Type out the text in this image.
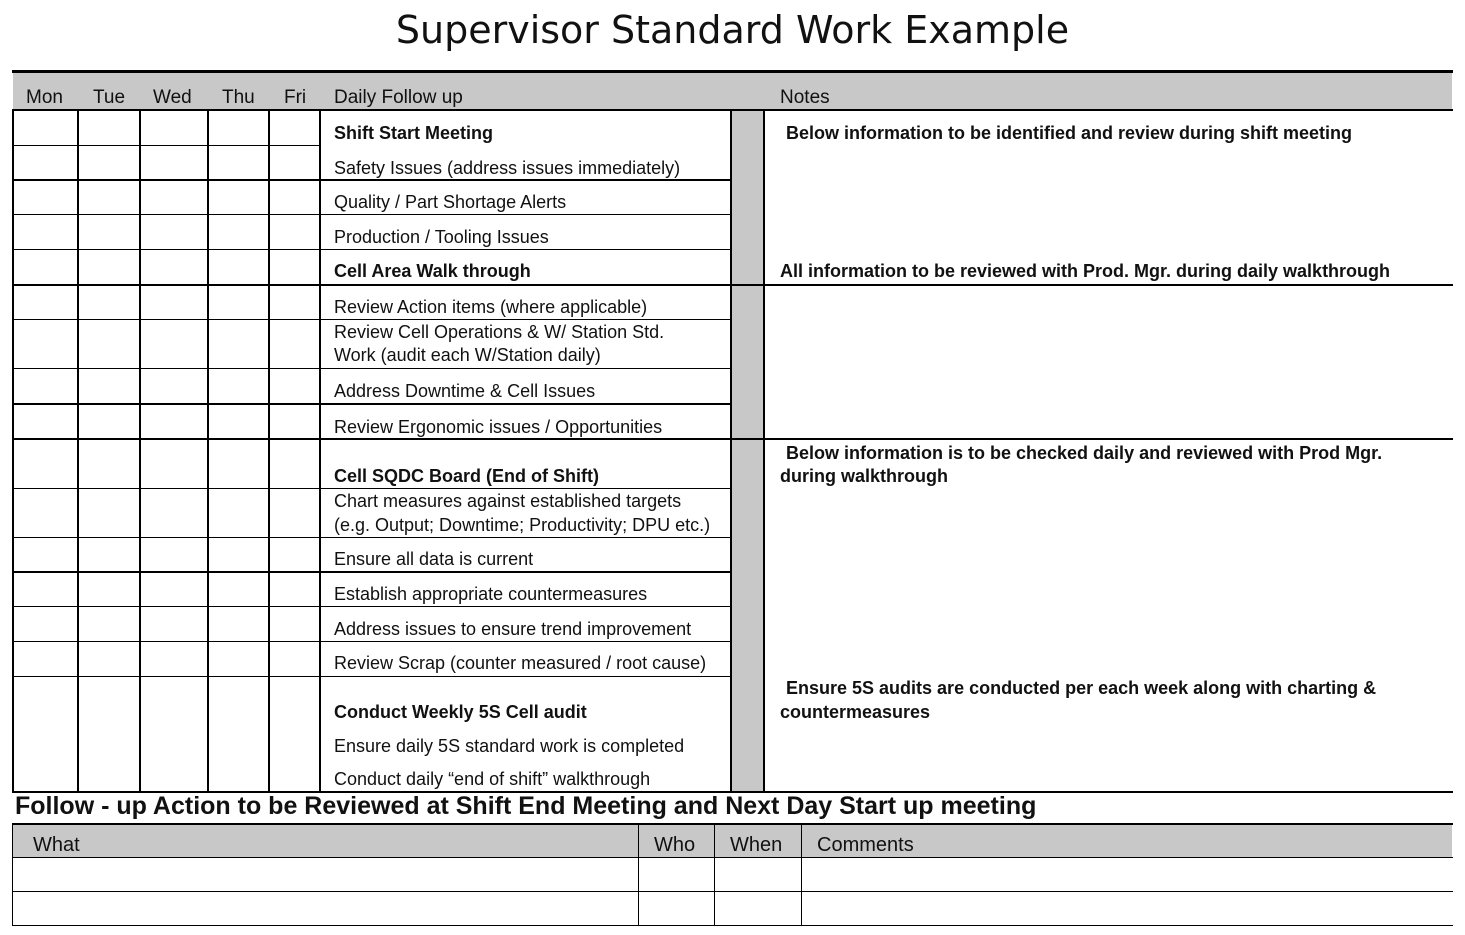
Supervisor Standard Work Example
Mon Tue Wed Thu Fri Daily Follow up	Notes
Shift Start Meeting
Safety Issues (address issues immediately)
Quality / Part Shortage Alerts
Production / Tooling Issues
Cell Area Walk through
Review Action items (where applicable)
Review Cell Operations & W/ Station Std.
Work (audit each W/Station daily)
Address Downtime & Cell Issues
Review Ergonomic issues / Opportunities
Cell SQDC Board (End of Shift)
Chart measures against established targets
(e.g. Output; Downtime; Productivity; DPU etc.)
Ensure all data is current
Establish appropriate countermeasures
Address issues to ensure trend improvement
Review Scrap (counter measured / root cause)
Conduct Weekly 5S Cell audit
Ensure daily 5S standard work is completed
Conduct daily “end of shift” walkthrough
Below information to be identified and review during shift meeting
All information to be reviewed with Prod. Mgr. during daily walkthrough
Below information is to be checked daily and reviewed with Prod Mgr.
during walkthrough
Ensure 5S audits are conducted per each week along with charting &
countermeasures
Follow - up Action to be Reviewed at Shift End Meeting and Next Day Start up meeting
What	Who When Comments
